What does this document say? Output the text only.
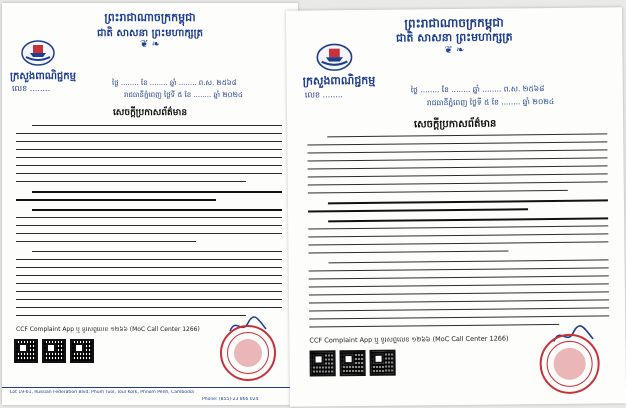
ព្រះរាជាណាចក្រកម្ពុជា
ជាតិ សាសនា ព្រះមហាក្សត្រ
❦ ❧
ក្រសួងពាណិជ្ជកម្ម
លេខ ........
ថ្ងៃ ........ ខែ ........ ឆ្នាំ ........ ព.ស. ២៥៦៨
រាជធានីភ្នំពេញ ថ្ងៃទី ៥ ខែ ........ ឆ្នាំ ២០២៤
សេចក្ដីប្រកាសព័ត៌មាន
CCF Complaint App ឬ ទូរសព្ទលេខ ១២៦៦ (MoC Call Center 1266)
Lot 19-61, Russian Federation Blvd, Phum Tuol, Toul Kork, Phnom Penh, Cambodia
Phone: (855)-23 866 024
ព្រះរាជាណាចក្រកម្ពុជា
ជាតិ សាសនា ព្រះមហាក្សត្រ
❦ ❧
ក្រសួងពាណិជ្ជកម្ម
លេខ ........
ថ្ងៃ ........ ខែ ........ ឆ្នាំ ........ ព.ស. ២៥៦៨
រាជធានីភ្នំពេញ ថ្ងៃទី ៥ ខែ ........ ឆ្នាំ ២០២៤
សេចក្ដីប្រកាសព័ត៌មាន
CCF Complaint App ឬ ទូរសព្ទលេខ ១២៦៦ (MoC Call Center 1266)
